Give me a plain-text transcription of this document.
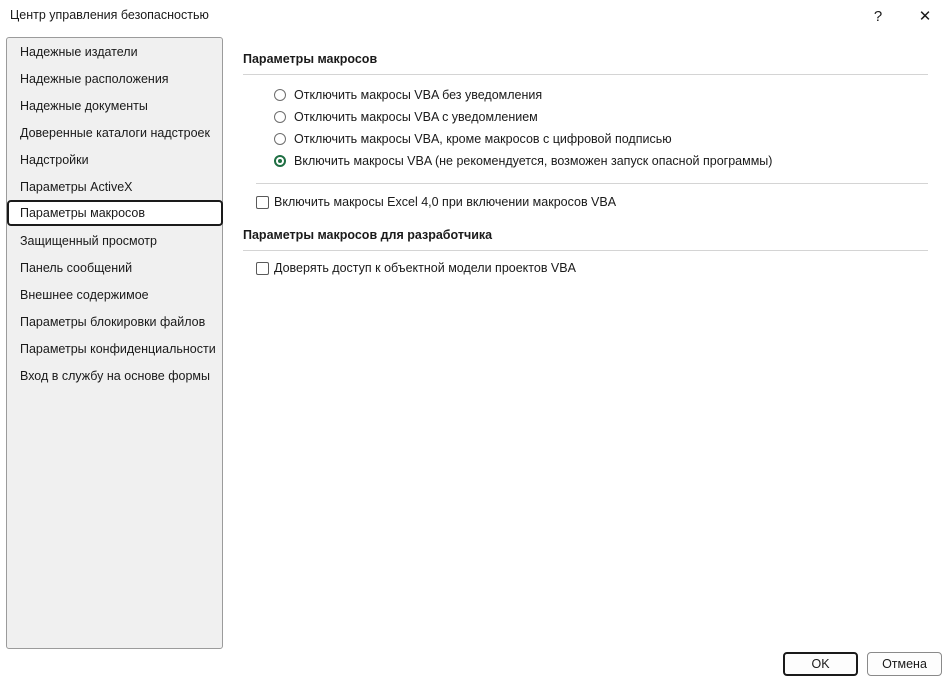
Центр управления безопасностью	? ✕
Надежные издатели
Надежные расположения
Надежные документы
Доверенные каталоги надстроек
Надстройки
Параметры ActiveX
Параметры макросов
Защищенный просмотр
Панель сообщений
Внешнее содержимое
Параметры блокировки файлов
Параметры конфиденциальности
Вход в службу на основе формы
Параметры макросов
Отключить макросы VBA без уведомления
Отключить макросы VBA с уведомлением
Отключить макросы VBA, кроме макросов с цифровой подписью
Включить макросы VBA (не рекомендуется, возможен запуск опасной программы)
Включить макросы Excel 4,0 при включении макросов VBA
Параметры макросов для разработчика
Доверять доступ к объектной модели проектов VBA
OK	Отмена
